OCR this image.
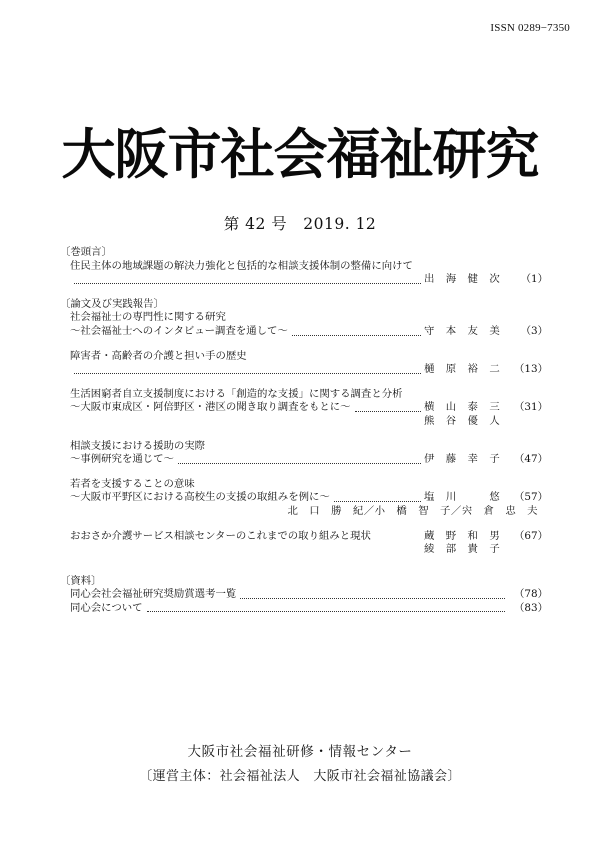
ISSN 0289−7350
大阪市社会福祉研究
第 42 号　2019. 12
〔巻頭言〕
住民主体の地域課題の解決力強化と包括的な相談支援体制の整備に向けて
出　海　健　次	（1）
〔論文及び実践報告〕
社会福祉士の専門性に関する研究
〜社会福祉士へのインタビュー調査を通して〜	守　本　友　美	（3）
障害者・高齢者の介護と担い手の歴史
樋　原　裕　二	（13）
生活困窮者自立支援制度における「創造的な支援」に関する調査と分析
〜大阪市東成区・阿倍野区・港区の聞き取り調査をもとに〜	横　山　泰　三	（31）
熊　谷　優　人
相談支援における援助の実際
〜事例研究を通じて〜	伊　藤　幸　子	（47）
若者を支援することの意味
〜大阪市平野区における高校生の支援の取組みを例に〜	塩　川　　　悠	（57）
北　口　勝　紀／小　橋　智　子／宍　倉　忠　夫
おおさか介護サービス相談センターのこれまでの取り組みと現状	蔵　野　和　男	（67）
綾　部　貴　子
〔資料〕
同心会社会福祉研究奨励賞選考一覧	（78）
同心会について	（83）
大阪市社会福祉研修・情報センター
〔運営主体：社会福祉法人　大阪市社会福祉協議会〕
